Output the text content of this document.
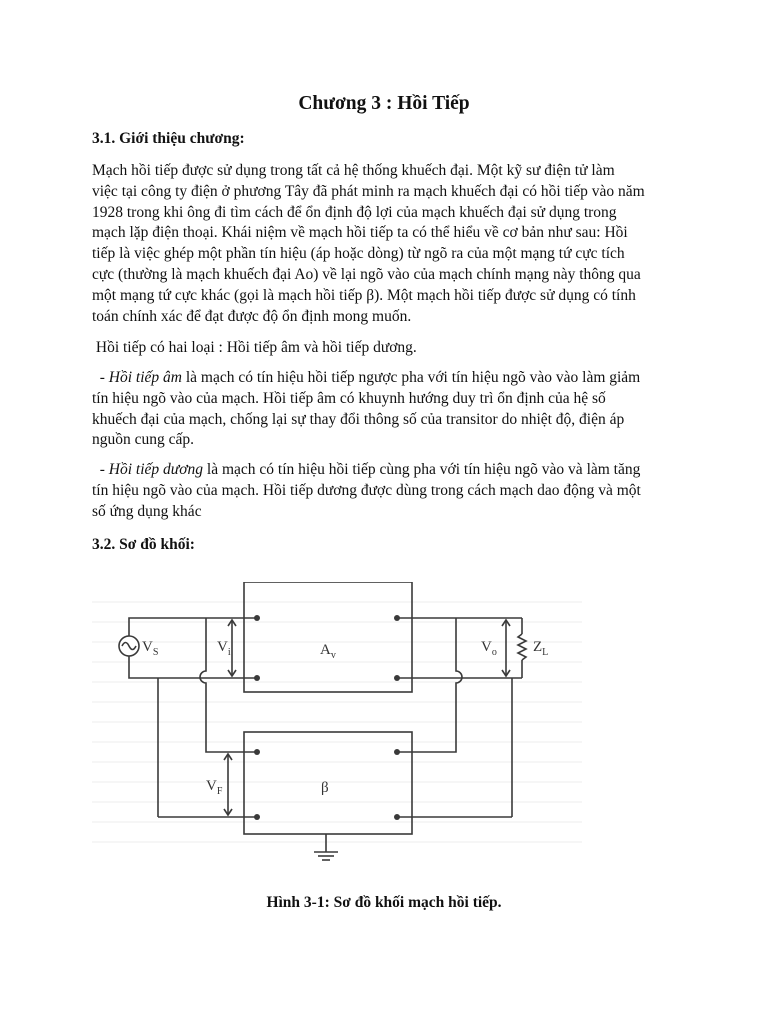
Chương 3 : Hồi Tiếp
3.1. Giới thiệu chương:

Mạch hồi tiếp được sử dụng trong tất cả hệ thống khuếch đại. Một kỹ sư điện tử làm
việc tại công ty điện ở phương Tây đã phát minh ra mạch khuếch đại có hồi tiếp vào năm
1928 trong khi ông đi tìm cách để ổn định độ lợi của mạch khuếch đại sử dụng trong
mạch lặp điện thoại. Khái niệm về mạch hồi tiếp ta có thể hiểu về cơ bản như sau: Hồi
tiếp là việc ghép một phần tín hiệu (áp hoặc dòng) từ ngõ ra của một mạng tứ cực tích
cực (thường là mạch khuếch đại Ao) về lại ngõ vào của mạch chính mạng này thông qua
một mạng tứ cực khác (gọi là mạch hồi tiếp β). Một mạch hồi tiếp được sử dụng có tính
toán chính xác để đạt được độ ổn định mong muốn.

Hồi tiếp có hai loại : Hồi tiếp âm và hồi tiếp dương.

- Hồi tiếp âm là mạch có tín hiệu hồi tiếp ngược pha với tín hiệu ngõ vào vào làm giảm
tín hiệu ngõ vào của mạch. Hồi tiếp âm có khuynh hướng duy trì ổn định của hệ số
khuếch đại của mạch, chống lại sự thay đổi thông số của transitor do nhiệt độ, điện áp
nguồn cung cấp.

- Hồi tiếp dương là mạch có tín hiệu hồi tiếp cùng pha với tín hiệu ngõ vào và làm tăng
tín hiệu ngõ vào của mạch. Hồi tiếp dương được dùng trong cách mạch dao động và một
số ứng dụng khác

3.2. Sơ đồ khối:
$V_S$	$V_i$	$A_v$
$V_o$ $Z_L$
$V_F$	β
Hình 3-1: Sơ đồ khối mạch hồi tiếp.
